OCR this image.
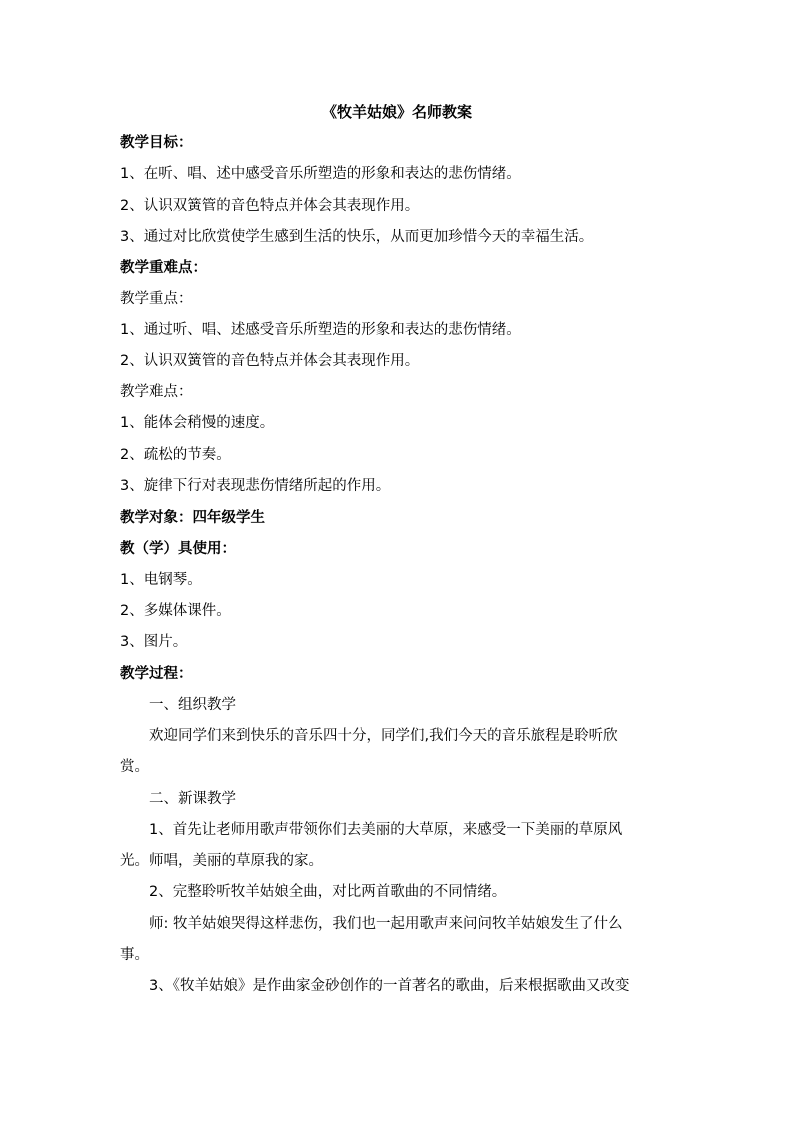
《牧羊姑娘》名师教案
教学目标：
1、在听、唱、述中感受音乐所塑造的形象和表达的悲伤情绪。
2、认识双簧管的音色特点并体会其表现作用。
3、通过对比欣赏使学生感到生活的快乐，从而更加珍惜今天的幸福生活。
教学重难点：
教学重点：
1、通过听、唱、述感受音乐所塑造的形象和表达的悲伤情绪。
2、认识双簧管的音色特点并体会其表现作用。
教学难点：
1、能体会稍慢的速度。
2、疏松的节奏。
3、旋律下行对表现悲伤情绪所起的作用。
教学对象：四年级学生
教（学）具使用：
1、电钢琴。
2、多媒体课件。
3、图片。
教学过程：
一、组织教学
欢迎同学们来到快乐的音乐四十分，同学们,我们今天的音乐旅程是聆听欣
赏。
二、新课教学
1、首先让老师用歌声带领你们去美丽的大草原，来感受一下美丽的草原风
光。师唱，美丽的草原我的家。
2、完整聆听牧羊姑娘全曲，对比两首歌曲的不同情绪。
师: 牧羊姑娘哭得这样悲伤，我们也一起用歌声来问问牧羊姑娘发生了什么
事。
3、《牧羊姑娘》是作曲家金砂创作的一首著名的歌曲，后来根据歌曲又改变
